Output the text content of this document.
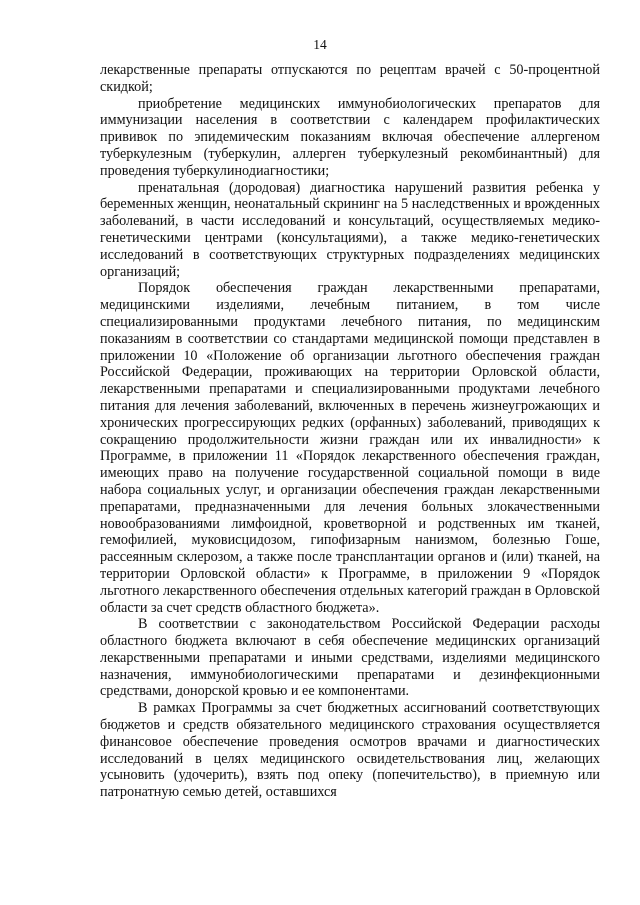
14

лекарственные препараты отпускаются по рецептам врачей с 50-процентной скидкой;

приобретение медицинских иммунобиологических препаратов для иммунизации населения в соответствии с календарем профилактических прививок по эпидемическим показаниям включая обеспечение аллергеном туберкулезным (туберкулин, аллерген туберкулезный рекомбинантный) для проведения туберкулинодиагностики;

пренатальная (дородовая) диагностика нарушений развития ребенка у беременных женщин, неонатальный скрининг на 5 наследственных и врожденных заболеваний, в части исследований и консультаций, осуществляемых медико-генетическими центрами (консультациями), а также медико-генетических исследований в соответствующих структурных подразделениях медицинских организаций;

Порядок обеспечения граждан лекарственными препаратами, медицинскими изделиями, лечебным питанием, в том числе специализированными продуктами лечебного питания, по медицинским показаниям в соответствии со стандартами медицинской помощи представлен в приложении 10 «Положение об организации льготного обеспечения граждан Российской Федерации, проживающих на территории Орловской области, лекарственными препаратами и специализированными продуктами лечебного питания для лечения заболеваний, включенных в перечень жизнеугрожающих и хронических прогрессирующих редких (орфанных) заболеваний, приводящих к сокращению продолжительности жизни граждан или их инвалидности» к Программе, в приложении 11 «Порядок лекарственного обеспечения граждан, имеющих право на получение государственной социальной помощи в виде набора социальных услуг, и организации обеспечения граждан лекарственными препаратами, предназначенными для лечения больных злокачественными новообразованиями лимфоидной, кроветворной и родственных им тканей, гемофилией, муковисцидозом, гипофизарным нанизмом, болезнью Гоше, рассеянным склерозом, а также после трансплантации органов и (или) тканей, на территории Орловской области» к Программе, в приложении 9 «Порядок льготного лекарственного обеспечения отдельных категорий граждан в Орловской области за счет средств областного бюджета».

В соответствии с законодательством Российской Федерации расходы областного бюджета включают в себя обеспечение медицинских организаций лекарственными препаратами и иными средствами, изделиями медицинского назначения, иммунобиологическими препаратами и дезинфекционными средствами, донорской кровью и ее компонентами.

В рамках Программы за счет бюджетных ассигнований соответствующих бюджетов и средств обязательного медицинского страхования осуществляется финансовое обеспечение проведения осмотров врачами и диагностических исследований в целях медицинского освидетельствования лиц, желающих усыновить (удочерить), взять под опеку (попечительство), в приемную или патронатную семью детей, оставшихся
